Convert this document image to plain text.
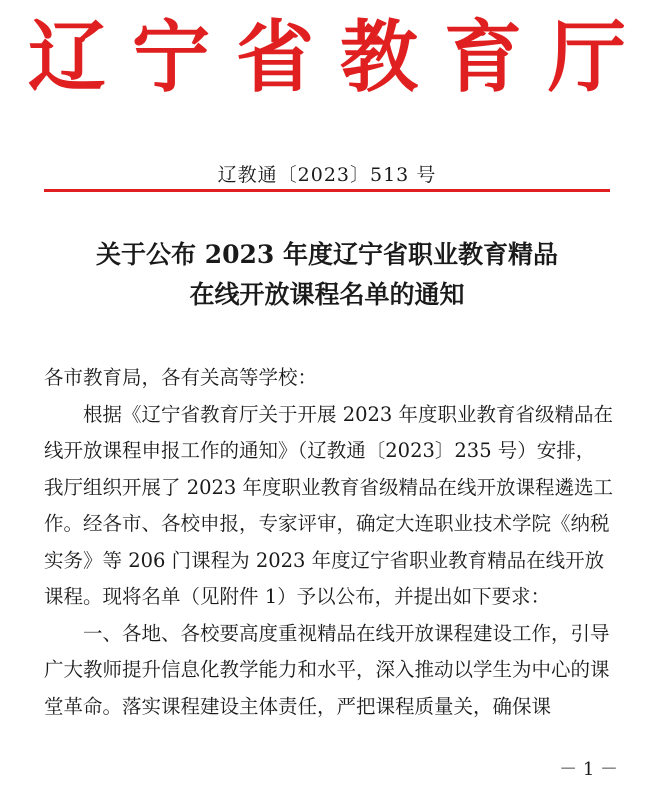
辽宁省教育厅
辽教通〔2023〕513 号
关于公布 2023 年度辽宁省职业教育精品
在线开放课程名单的通知

各市教育局，各有关高等学校：

根据《辽宁省教育厅关于开展 2023 年度职业教育省级精品在线开放课程申报工作的通知》（辽教通〔2023〕235 号）安排，我厅组织开展了 2023 年度职业教育省级精品在线开放课程遴选工作。经各市、各校申报，专家评审，确定大连职业技术学院《纳税实务》等 206 门课程为 2023 年度辽宁省职业教育精品在线开放课程。现将名单（见附件 1）予以公布，并提出如下要求：

一、各地、各校要高度重视精品在线开放课程建设工作，引导广大教师提升信息化教学能力和水平，深入推动以学生为中心的课堂革命。落实课程建设主体责任，严把课程质量关，确保课

－ 1 －
